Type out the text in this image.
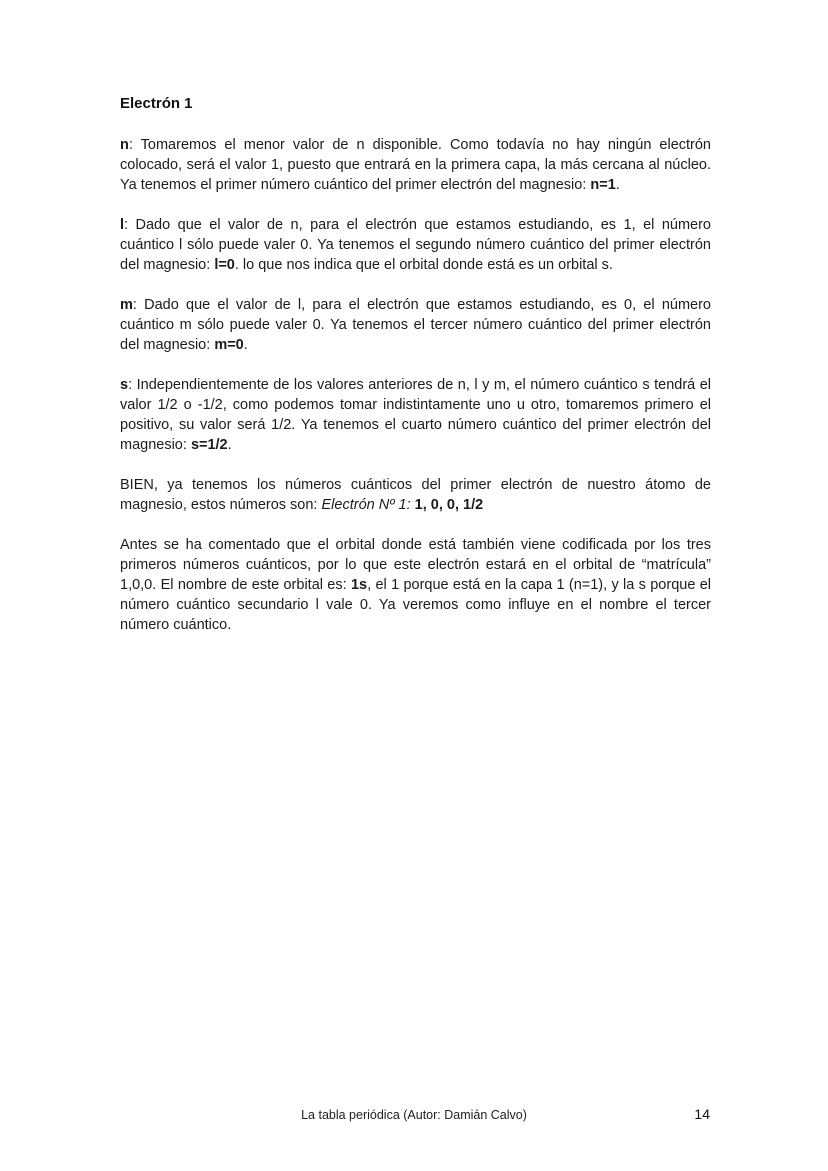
Electrón 1

n: Tomaremos el menor valor de n disponible. Como todavía no hay ningún electrón colocado, será el valor 1, puesto que entrará en la primera capa, la más cercana al núcleo. Ya tenemos el primer número cuántico del primer electrón del magnesio: n=1.

l: Dado que el valor de n, para el electrón que estamos estudiando, es 1, el número cuántico l sólo puede valer 0. Ya tenemos el segundo número cuántico del primer electrón del magnesio: l=0. lo que nos indica que el orbital donde está es un orbital s.

m: Dado que el valor de l, para el electrón que estamos estudiando, es 0, el número cuántico m sólo puede valer 0. Ya tenemos el tercer número cuántico del primer electrón del magnesio: m=0.

s: Independientemente de los valores anteriores de n, l y m, el número cuántico s tendrá el valor 1/2 o -1/2, como podemos tomar indistintamente uno u otro, tomaremos primero el positivo, su valor será 1/2. Ya tenemos el cuarto número cuántico del primer electrón del magnesio: s=1/2.

BIEN, ya tenemos los números cuánticos del primer electrón de nuestro átomo de magnesio, estos números son: Electrón Nº 1: 1, 0, 0, 1/2

Antes se ha comentado que el orbital donde está también viene codificada por los tres primeros números cuánticos, por lo que este electrón estará en el orbital de “matrícula” 1,0,0. El nombre de este orbital es: 1s, el 1 porque está en la capa 1 (n=1), y la s porque el número cuántico secundario l vale 0. Ya veremos como influye en el nombre el tercer número cuántico.

La tabla periódica (Autor: Damián Calvo)	14
